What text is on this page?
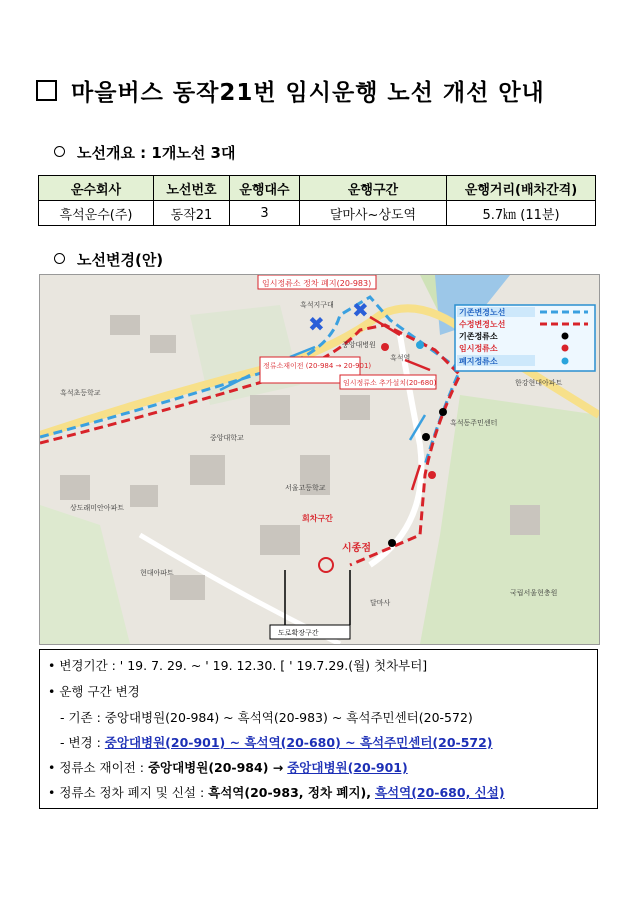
마을버스 동작21번 임시운행 노선 개선 안내
노선개요 : 1개노선 3대
운수회사	노선번호	운행대수	운행구간	운행거리(배차간격)
흑석운수(주)	동작21	3	달마사~상도역	5.7㎞ (11분)
노선변경(안)
✖
✖
임시정류소 정차 폐지(20-983)
정류소재이전 (20-984 → 20-901)
임시정류소 추가설치(20-680)
회차구간
시종점
도로확장구간
흑석지구대
중앙대병원
흑석역
흑석동주민센터
중앙대학교
상도래미안아파트
흑석초등학교
한강현대아파트
서울고등학교
달마사
현대아파트
국립서울현충원
기존변경노선
수정변경노선
기존정류소
임시정류소
폐지정류소
• 변경기간 : ' 19. 7. 29. ~ ' 19. 12.30. [ ' 19.7.29.(월) 첫차부터]
• 운행 구간 변경
- 기존 : 중앙대병원(20-984) ~ 흑석역(20-983) ~ 흑석주민센터(20-572)
- 변경 : 중앙대병원(20-901) ~ 흑석역(20-680) ~ 흑석주민센터(20-572)
• 정류소 재이전 : 중앙대병원(20-984) → 중앙대병원(20-901)
• 정류소 정차 폐지 및 신설 : 흑석역(20-983, 정차 폐지), 흑석역(20-680, 신설)
